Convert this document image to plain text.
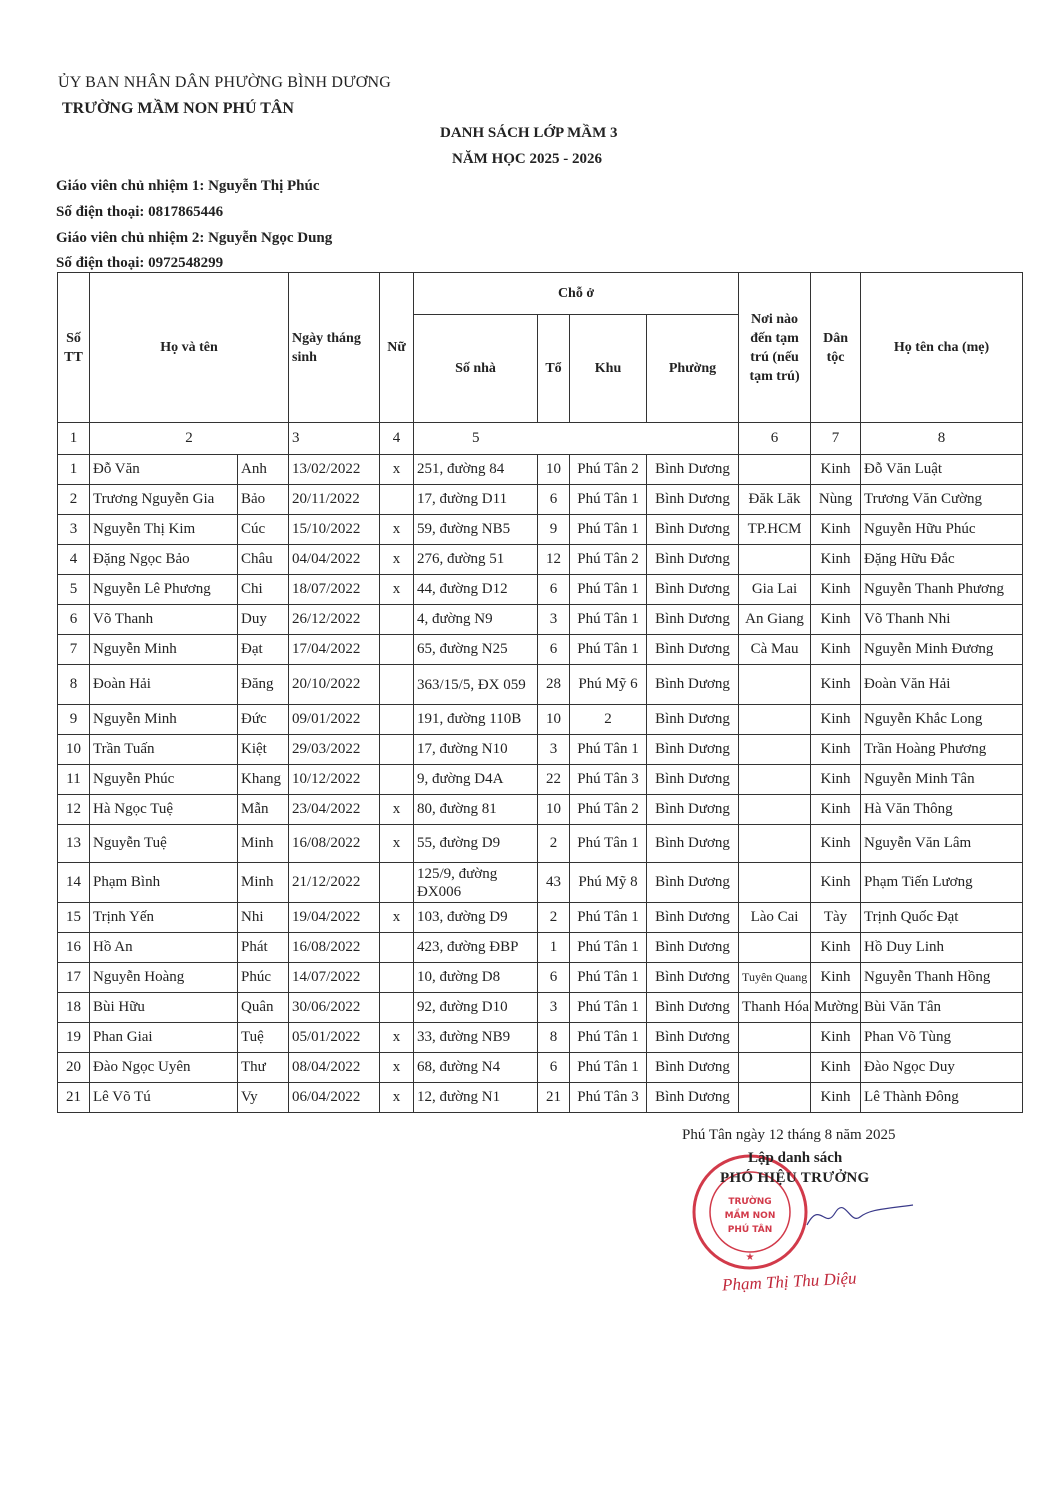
ỦY BAN NHÂN DÂN PHƯỜNG BÌNH DƯƠNG
TRƯỜNG MẦM NON PHÚ TÂN
DANH SÁCH LỚP MẦM 3
NĂM HỌC 2025 - 2026
Giáo viên chủ nhiệm 1: Nguyễn Thị Phúc
Số điện thoại: 0817865446
Giáo viên chủ nhiệm 2: Nguyễn Ngọc Dung
Số điện thoại: 0972548299
Số TT	Họ và tên		Ngày tháng sinh	Nữ	Chỗ ở				Nơi nào đến tạm trú (nếu tạm trú)	Dân tộc	Họ tên cha (mẹ)
					Số nhà	Tổ	Khu	Phường			
1	2		3	4	5				6	7	8
1	Đỗ Văn	Anh	13/02/2022	x	251, đường 84	10	Phú Tân 2	Bình Dương		Kinh	Đỗ Văn Luật
2	Trương Nguyễn Gia	Bảo	20/11/2022		17, đường D11	6	Phú Tân 1	Bình Dương	Đăk Lăk	Nùng	Trương Văn Cường
3	Nguyễn Thị Kim	Cúc	15/10/2022	x	59, đường NB5	9	Phú Tân 1	Bình Dương	TP.HCM	Kinh	Nguyễn Hữu Phúc
4	Đặng Ngọc Bảo	Châu	04/04/2022	x	276, đường 51	12	Phú Tân 2	Bình Dương		Kinh	Đặng Hữu Đắc
5	Nguyễn Lê Phương	Chi	18/07/2022	x	44, đường D12	6	Phú Tân 1	Bình Dương	Gia Lai	Kinh	Nguyễn Thanh Phương
6	Võ Thanh	Duy	26/12/2022		4, đường N9	3	Phú Tân 1	Bình Dương	An Giang	Kinh	Võ Thanh Nhi
7	Nguyễn Minh	Đạt	17/04/2022		65, đường N25	6	Phú Tân 1	Bình Dương	Cà Mau	Kinh	Nguyễn Minh Đương
8	Đoàn Hải	Đăng	20/10/2022		363/15/5, ĐX 059	28	Phú Mỹ 6	Bình Dương		Kinh	Đoàn Văn Hải
9	Nguyễn Minh	Đức	09/01/2022		191, đường 110B	10	2	Bình Dương		Kinh	Nguyễn Khắc Long
10	Trần Tuấn	Kiệt	29/03/2022		17, đường N10	3	Phú Tân 1	Bình Dương		Kinh	Trần Hoàng Phương
11	Nguyễn Phúc	Khang	10/12/2022		9, đường D4A	22	Phú Tân 3	Bình Dương		Kinh	Nguyễn Minh Tân
12	Hà Ngọc Tuệ	Mẫn	23/04/2022	x	80, đường 81	10	Phú Tân 2	Bình Dương		Kinh	Hà Văn Thông
13	Nguyễn Tuệ	Minh	16/08/2022	x	55, đường D9	2	Phú Tân 1	Bình Dương		Kinh	Nguyễn Văn Lâm
14	Phạm Bình	Minh	21/12/2022		125/9, đường ĐX006	43	Phú Mỹ 8	Bình Dương		Kinh	Phạm Tiến Lương
15	Trịnh Yến	Nhi	19/04/2022	x	103, đường D9	2	Phú Tân 1	Bình Dương	Lào Cai	Tày	Trịnh Quốc Đạt
16	Hồ An	Phát	16/08/2022		423, đường ĐBP	1	Phú Tân 1	Bình Dương		Kinh	Hồ Duy Linh
17	Nguyễn Hoàng	Phúc	14/07/2022		10, đường D8	6	Phú Tân 1	Bình Dương	Tuyên Quang	Kinh	Nguyễn Thanh Hồng
18	Bùi Hữu	Quân	30/06/2022		92, đường D10	3	Phú Tân 1	Bình Dương	Thanh Hóa	Mường	Bùi Văn Tân
19	Phan Giai	Tuệ	05/01/2022	x	33, đường NB9	8	Phú Tân 1	Bình Dương		Kinh	Phan Võ Tùng
20	Đào Ngọc Uyên	Thư	08/04/2022	x	68, đường N4	6	Phú Tân 1	Bình Dương		Kinh	Đào Ngọc Duy
21	Lê Võ Tú	Vy	06/04/2022	x	12, đường N1	21	Phú Tân 3	Bình Dương		Kinh	Lê Thành Đông
Phú Tân ngày 12 tháng 8 năm 2025
TRƯỜNG
MẦM NON
PHÚ TÂN
★
Lập danh sách
PHÓ HIỆU TRƯỞNG
Phạm Thị Thu Diệu
